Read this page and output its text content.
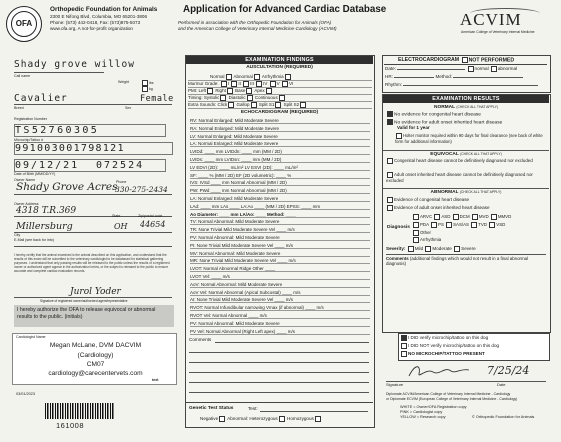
OFA
Orthopedic Foundation for Animals
2300 E Nifong Blvd, Columbia, MO 65201-3806
Phone: (573) 442-0418, Fax: (573)875-5073
www.ofa.org, A not-for-profit organization
Application for Advanced Cardiac Database
Performed in association with the Orthopedic Foundation for Animals (OFA)
and the American College of Veterinary Internal Medicine-Cardiology (ACVIM)	ACVIM
American College of Veterinary Internal Medicine
Shady grove willow
Call name
Weight	lbs
kg
Cavalier	Female
Breed	Sex
Registration Number
TS52760305
Microchip/Tattoo #
991003001798121
09/12/21 072524
Date of Birth (MM/DD/YY)
Owner Name
Shady Grove Acres
Phone
330-275-2434
Owner Address
4318 T.R.369
Millersburg
State
OH
Zip/postal code
44654
City
E-Mail (see back for info)
I hereby certify that the animal examined is the animal described on this application, and understand that the results of this exam will be submitted to the veterinary cardiologist to be databased for statistical gathering purposes. I understand that only passing results will be released to the public unless the results of a registered owner or authorized agent appear in the authorization below, or the subject is released to the public to ensure accurate and complete cardiac evaluation records.
Jurol Yoder
Signature of registered owner/authorized agent/representative
I hereby authorize the OFA to release equivocal or abnormal results to the public. (initials)
Cardiologist Name
Megan McLane, DVM DACVIM
(Cardiology)
CM07
cardiology@carecentervets.com
text
03/01/2023
161008
EXAMINATION FINDINGS
AUSCULTATION (REQUIRED)
Normal Abnormal Arrhythmia
Murmur Grade: I II III IV V VI
PMI: Left Right Base Apex
Timing: Systolic Diastolic Continuous
Extra Sounds: Click Gallop Split S1 Split S2
ECHOCARDIOGRAM (REQUIRED)
RV: Normal Enlarged: Mild Moderate Severe
RA: Normal Enlarged: Mild Moderate Severe
LV: Normal Enlarged: Mild Moderate Severe
LA: Normal Enlarged: Mild Moderate Severe
LVIDd: ____ mm LVIDdn: ____ mm (MM / 2D)
LVIDs: ____ mm LVIDsn: ____ mm (MM / 2D)
LV EDVI (2D): ____ mL/m² LV ESVI (2D): ____ mL/m²
SF: ____ % (MM / 2D) EF (2D volumetric): ____ %
IVS: IVSd ____ mm Normal Abnormal (MM / 2D)
PW: PWd ____ mm Normal Abnormal (MM / 2D)
LA: Normal Enlarged: Mild Moderate Severe
LAd: ____ mm LAs ____ LA:Ao ____ (MM / 2D) EPSS: ____ mm
Ao Diameter: ____ mm LA/Ao: ____ Method: ____
TV: Normal Abnormal: Mild Moderate Severe
TR: None Trivial Mild Moderate Severe Vel ____ m/s
PV: Normal Abnormal: Mild Moderate Severe
PI: None Trivial Mild Moderate Severe Vel ____ m/s
MV: Normal Abnormal: Mild Moderate Severe
MR: None Trivial Mild Moderate Severe Vel ____ m/s
LVOT: Normal Abnormal Ridge Other ____
LVOT Vel: ____ m/s
AoV: Normal Abnormal: Mild Moderate Severe
AoV Vel: Normal Abnormal (Apical Subcostal) ____ m/s
AI: None Trivial Mild Moderate Severe Vel ____ m/s
RVOT: Normal Infundibular narrowing Vmax (if abnormal) ____ m/s
RVOT Vel: Normal Abnormal ____ m/s
PV: Normal Abnormal: Mild Moderate Severe
PV Vel: Normal Abnormal (Right Left apex) ____ m/s
Comments
Genetic Test Status	Test:
Negative Abnormal: Heterozygous Homozygous
ELECTROCARDIOGRAM NOT PERFORMED
Date:	normal abnormal
HR:	Method:
Rhythm:
EXAMINATION RESULTS
NORMAL (CHECK ALL THAT APPLY)
No evidence for congenital heart disease
No evidence for adult onset inherited heart disease
Valid for 1 year
Holter monitor required within 90 days for final clearance (see back of white form for additional information)
EQUIVOCAL (CHECK ALL THAT APPLY)
Congenital heart disease cannot be definitively diagnosed nor excluded
Adult onset inherited heart disease cannot be definitively diagnosed nor excluded
ABNORMAL (CHECK ALL THAT APPLY)
Evidence of congenital heart disease
Evidence of adult onset inherited heart disease
Diagnosis
ARVC ASD DCM MVD MMVD
PDA PS SAS/AS TVD VSD
Other
Arrhythmia
Severity: Mild Moderate Severe
Comments (additional findings which would not result in a final abnormal diagnosis)
I DID verify microchip/tattoo on this dog
I DID NOT verify microchip/tattoo on this dog
NO MICROCHIP/TATTOO PRESENT
7/25/24
Signature	Date
Diplomate ACVIM/American College of Veterinary Internal Medicine - Cardiology
or Diplomate ECVIM (European College of Veterinary Internal Medicine - Cardiology)
WHITE = Owner/OFA Registration copy
PINK = Cardiologist copy
YELLOW = Research copy	© Orthopedic Foundation for Animals
